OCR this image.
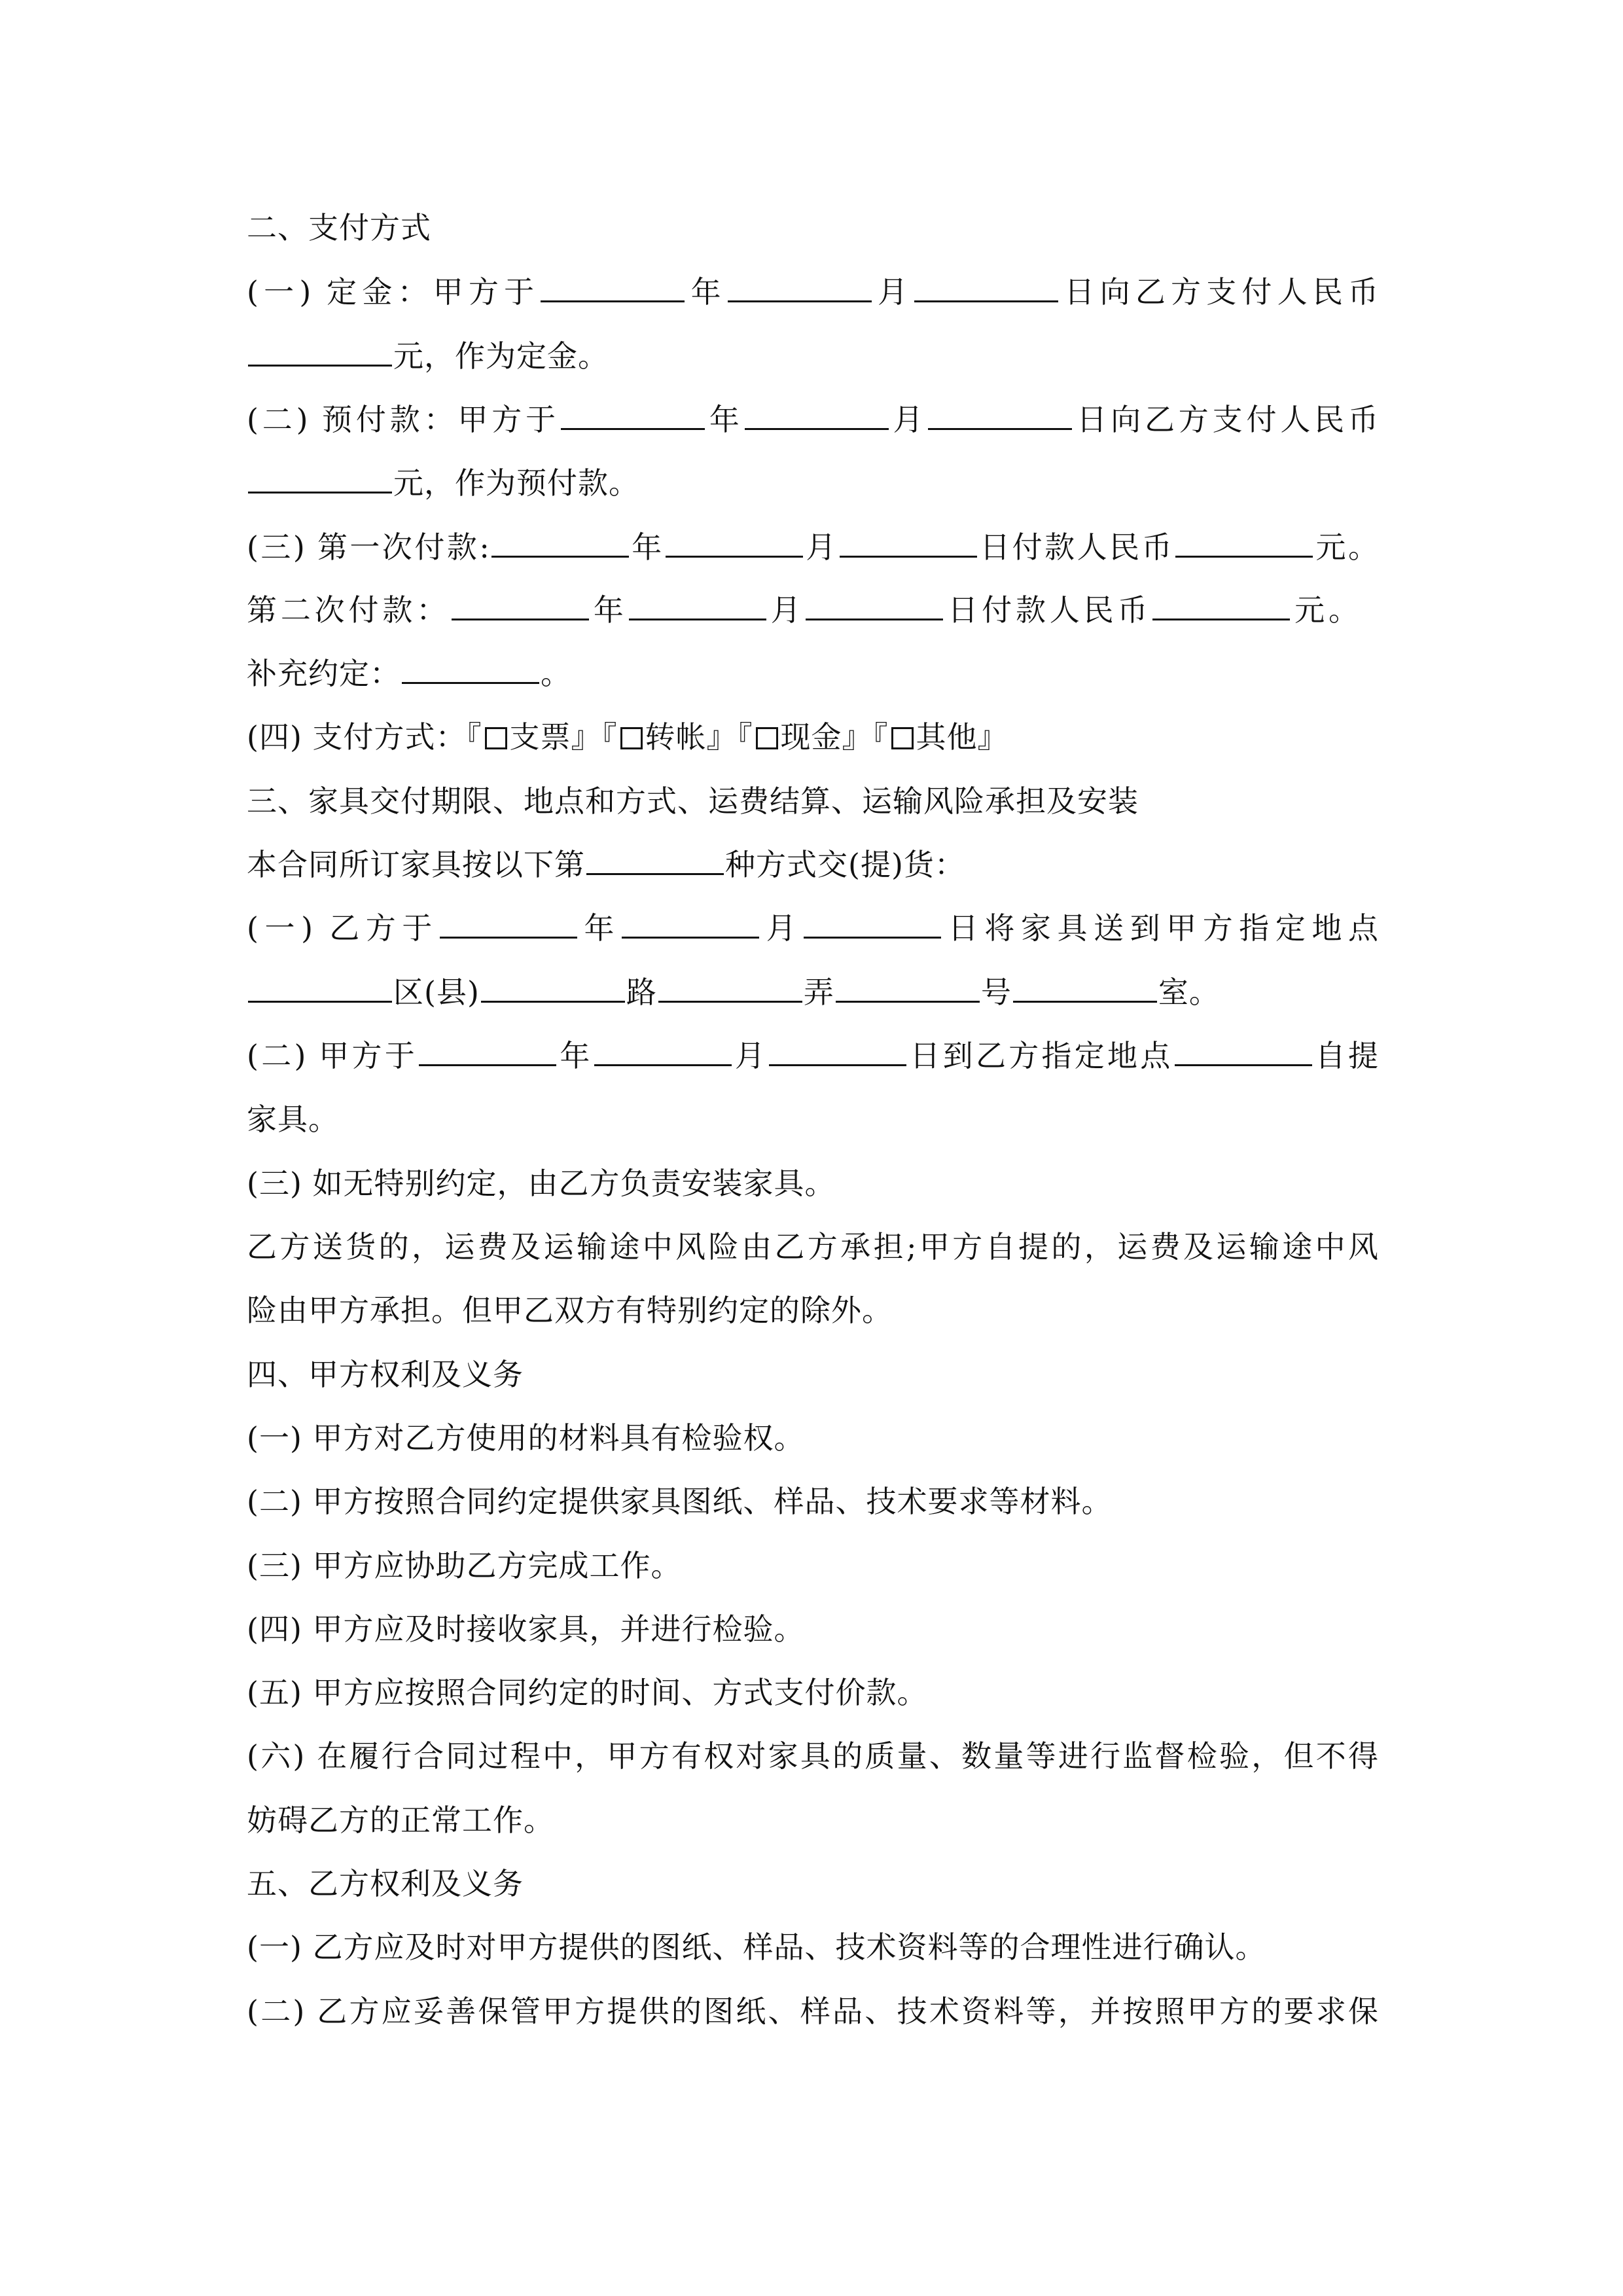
二、支付方式
(一) 定金：甲方于	年	月	日向乙方支付人民币
元，作为定金。
(二) 预付款：甲方于	年	月	日向乙方支付人民币
元，作为预付款。
(三) 第一次付款:	年	月	日付款人民币	元。
第二次付款：	年	月	日付款人民币	元。
补充约定：	。
(四) 支付方式：『 支票』『 转帐』『 现金』『 其他』
三、家具交付期限、地点和方式、运费结算、运输风险承担及安装
本合同所订家具按以下第	种方式交(提)货：
(一) 乙方于	年	月	日将家具送到甲方指定地点
区(县)	路	弄	号	室。
(二) 甲方于	年	月	日到乙方指定地点	自提
家具。
(三) 如无特别约定，由乙方负责安装家具。
乙方送货的，运费及运输途中风险由乙方承担;甲方自提的，运费及运输途中风
险由甲方承担。但甲乙双方有特别约定的除外。
四、甲方权利及义务
(一) 甲方对乙方使用的材料具有检验权。
(二) 甲方按照合同约定提供家具图纸、样品、技术要求等材料。
(三) 甲方应协助乙方完成工作。
(四) 甲方应及时接收家具，并进行检验。
(五) 甲方应按照合同约定的时间、方式支付价款。
(六) 在履行合同过程中，甲方有权对家具的质量、数量等进行监督检验，但不得
妨碍乙方的正常工作。
五、乙方权利及义务
(一) 乙方应及时对甲方提供的图纸、样品、技术资料等的合理性进行确认。
(二) 乙方应妥善保管甲方提供的图纸、样品、技术资料等，并按照甲方的要求保
